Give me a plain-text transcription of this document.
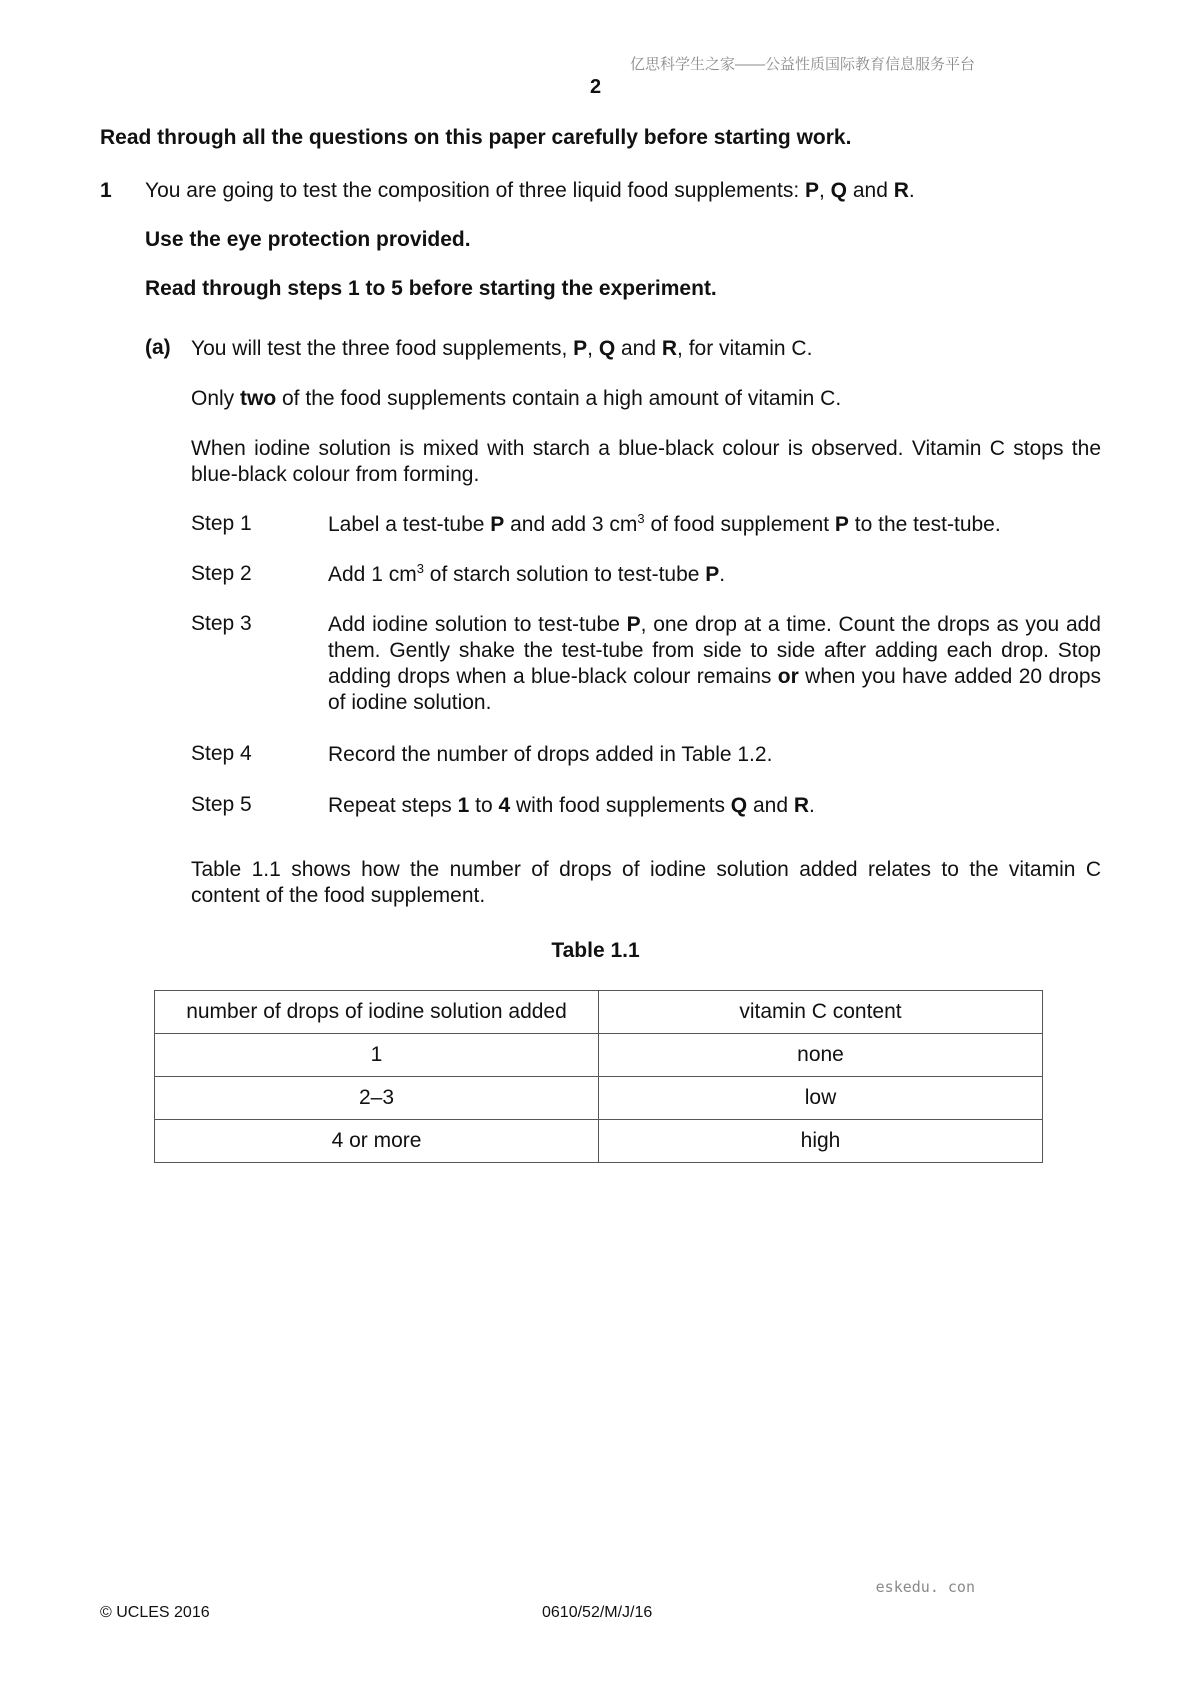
亿思科学生之家——公益性质国际教育信息服务平台
2
Read through all the questions on this paper carefully before starting work.
1 You are going to test the composition of three liquid food supplements: P, Q and R.
Use the eye protection provided.
Read through steps 1 to 5 before starting the experiment.
(a) You will test the three food supplements, P, Q and R, for vitamin C.
Only two of the food supplements contain a high amount of vitamin C.
When iodine solution is mixed with starch a blue-black colour is observed. Vitamin C stops the blue-black colour from forming.
Step 1	Label a test-tube P and add 3 $cm^3$ of food supplement P to the test-tube.
Step 2	Add 1 $cm^3$ of starch solution to test-tube P.
Step 3	Add iodine solution to test-tube P, one drop at a time. Count the drops as you add them. Gently shake the test-tube from side to side after adding each drop. Stop adding drops when a blue-black colour remains or when you have added 20 drops of iodine solution.
Step 4	Record the number of drops added in Table 1.2.
Step 5	Repeat steps 1 to 4 with food supplements Q and R.
Table 1.1 shows how the number of drops of iodine solution added relates to the vitamin C content of the food supplement.
Table 1.1
number of drops of iodine solution added	vitamin C content
1	none
2–3	low
4 or more	high
eskedu. con
© UCLES 2016	0610/52/M/J/16
